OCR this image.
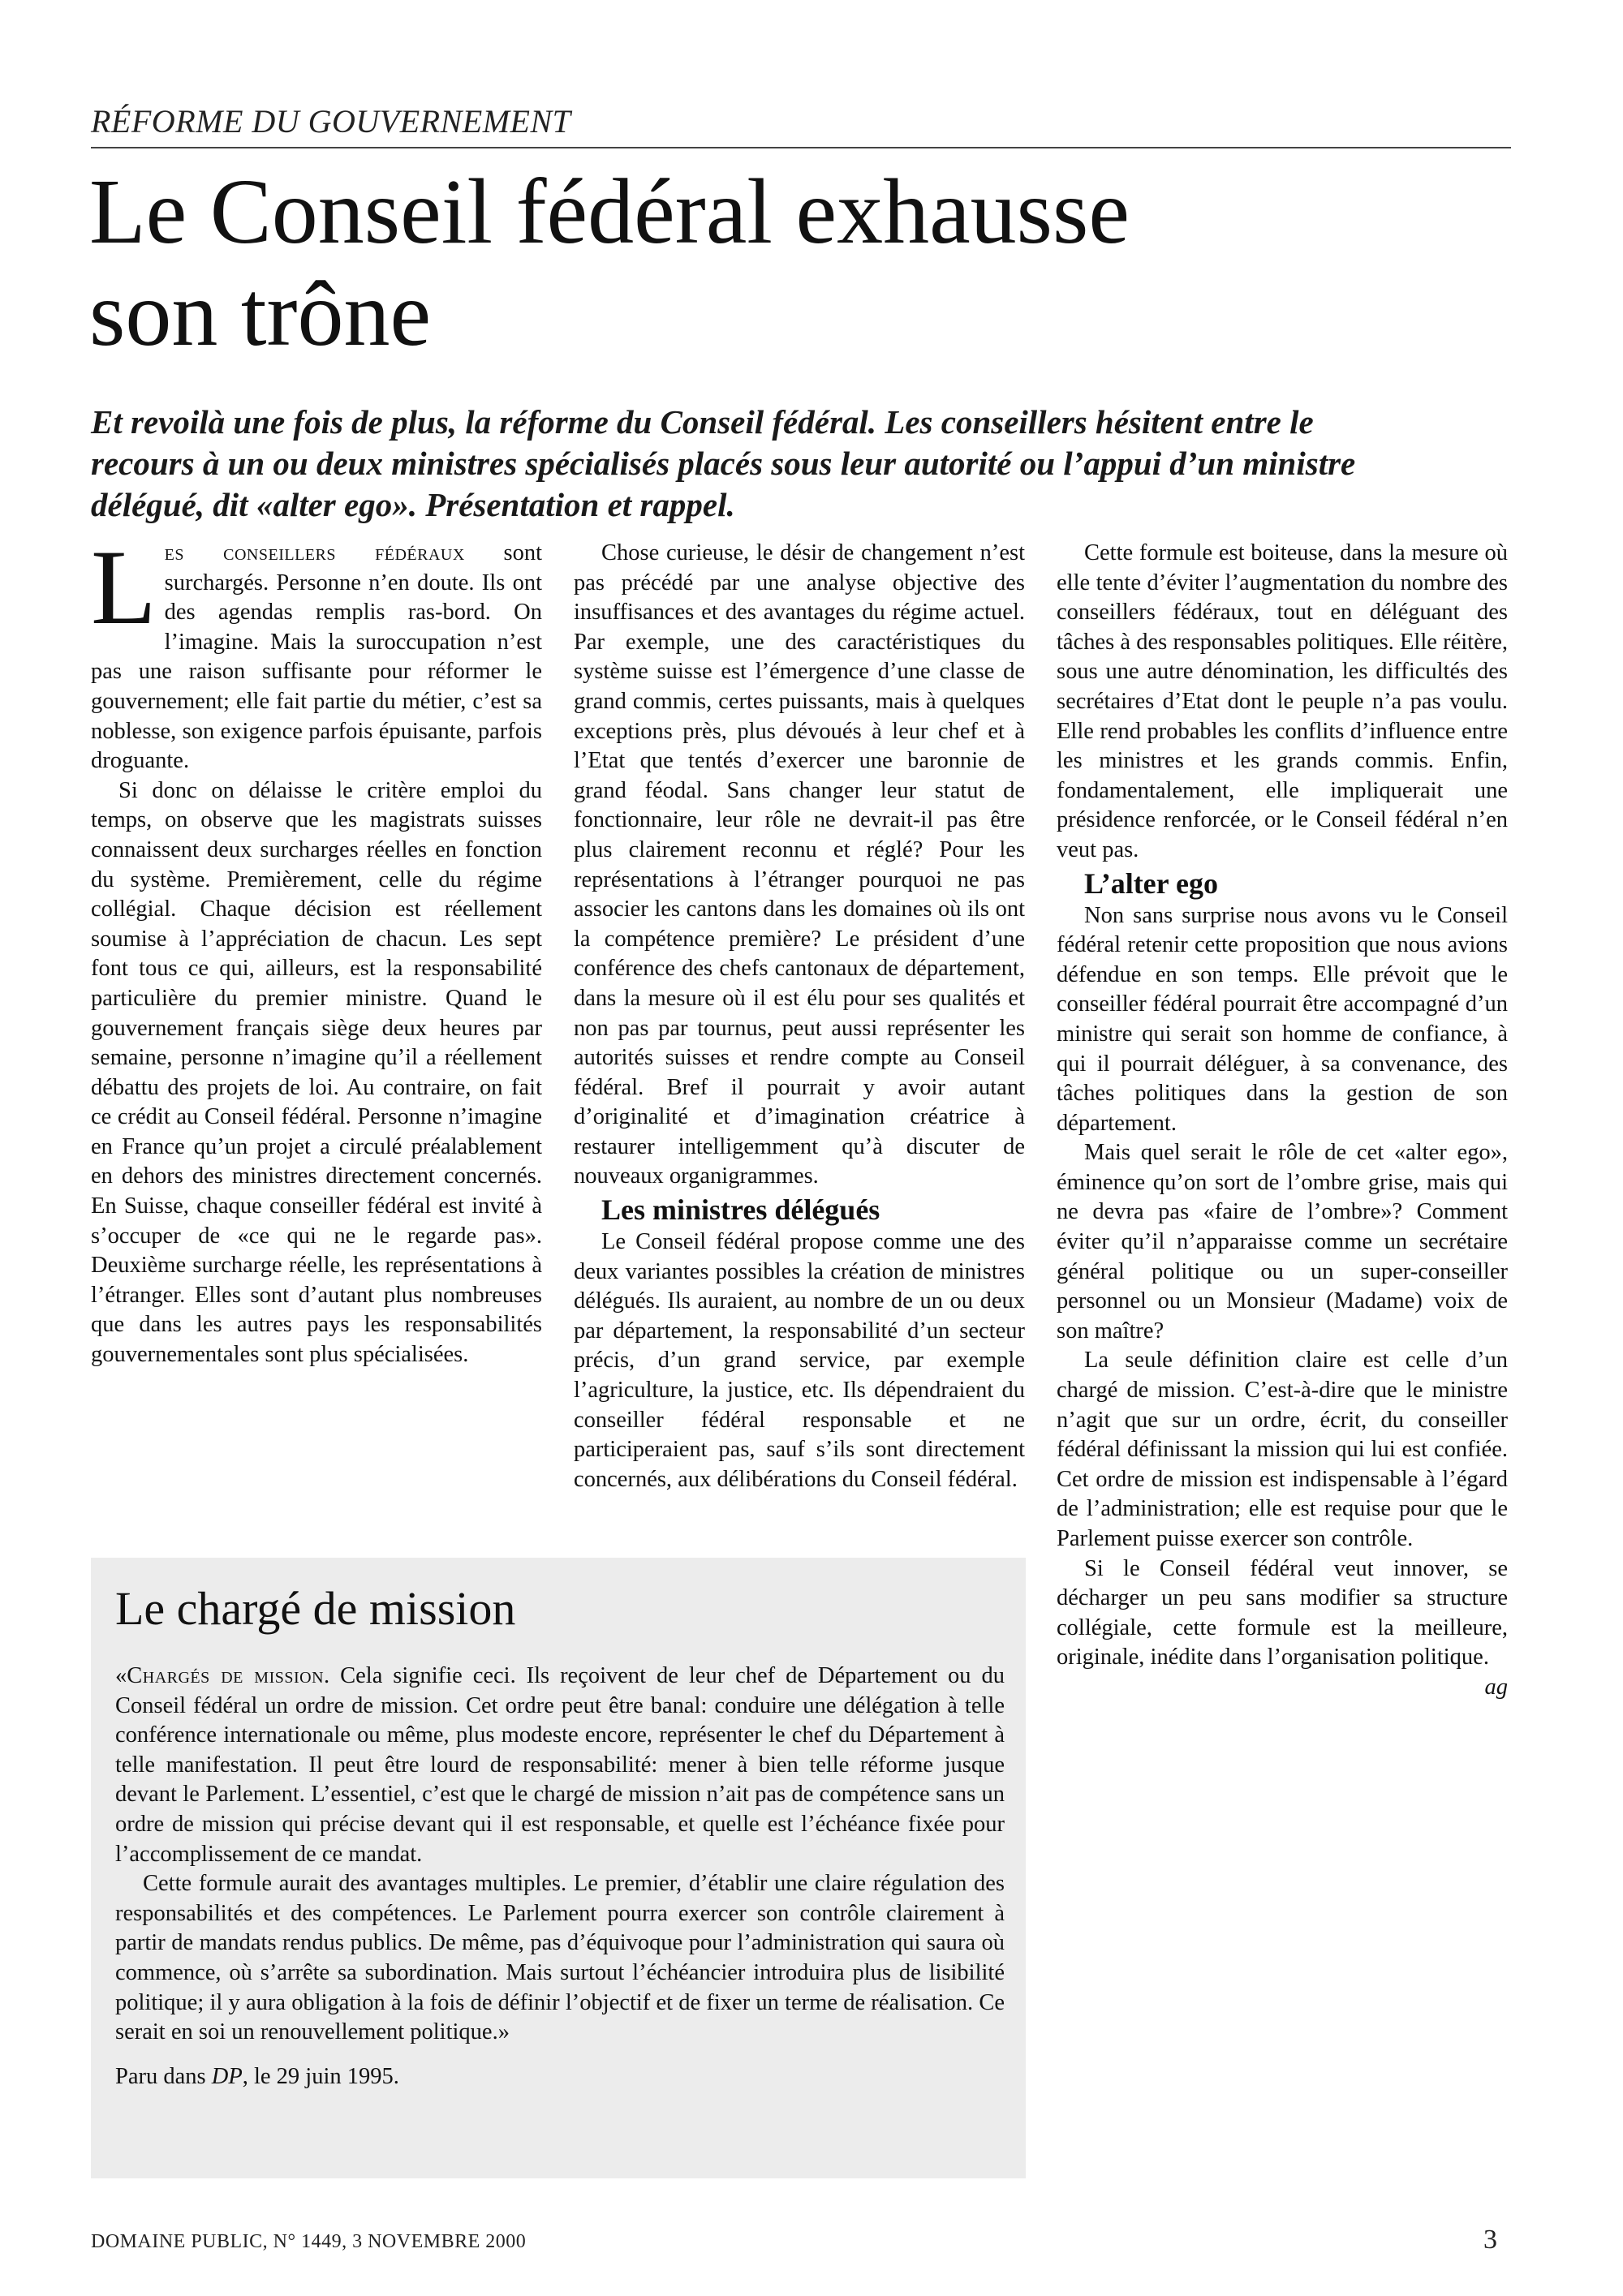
RÉFORME DU GOUVERNEMENT
Le Conseil fédéral exhausse
son trône
Et revoilà une fois de plus, la réforme du Conseil fédéral. Les conseillers hésitent entre le recours à un ou deux ministres spécialisés placés sous leur autorité ou l’appui d’un ministre délégué, dit «alter ego». Présentation et rappel.

Les conseillers fédéraux sont surchargés. Personne n’en doute. Ils ont des agendas remplis ras-bord. On l’imagine. Mais la suroccupation n’est pas une raison suffisante pour réformer le gouvernement; elle fait partie du métier, c’est sa noblesse, son exigence parfois épuisante, parfois droguante.

Si donc on délaisse le critère emploi du temps, on observe que les magistrats suisses connaissent deux surcharges réelles en fonction du système. Premièrement, celle du régime collégial. Chaque décision est réellement soumise à l’appréciation de chacun. Les sept font tous ce qui, ailleurs, est la responsabilité particulière du premier ministre. Quand le gouvernement français siège deux heures par semaine, personne n’imagine qu’il a réellement débattu des projets de loi. Au contraire, on fait ce crédit au Conseil fédéral. Personne n’imagine en France qu’un projet a circulé préalablement en dehors des ministres directement concernés. En Suisse, chaque conseiller fédéral est invité à s’occuper de «ce qui ne le regarde pas». Deuxième surcharge réelle, les représentations à l’étranger. Elles sont d’autant plus nombreuses que dans les autres pays les responsabilités gouvernementales sont plus spécialisées.

Chose curieuse, le désir de changement n’est pas précédé par une analyse objective des insuffisances et des avantages du régime actuel. Par exemple, une des caractéristiques du système suisse est l’émergence d’une classe de grand commis, certes puissants, mais à quelques exceptions près, plus dévoués à leur chef et à l’Etat que tentés d’exercer une baronnie de grand féodal. Sans changer leur statut de fonctionnaire, leur rôle ne devrait-il pas être plus clairement reconnu et réglé? Pour les représentations à l’étranger pourquoi ne pas associer les cantons dans les domaines où ils ont la compétence première? Le président d’une conférence des chefs cantonaux de département, dans la mesure où il est élu pour ses qualités et non pas par tournus, peut aussi représenter les autorités suisses et rendre compte au Conseil fédéral. Bref il pourrait y avoir autant d’originalité et d’imagination créatrice à restaurer intelligemment qu’à discuter de nouveaux organigrammes.

Les ministres délégués

Le Conseil fédéral propose comme une des deux variantes possibles la création de ministres délégués. Ils auraient, au nombre de un ou deux par département, la responsabilité d’un secteur précis, d’un grand service, par exemple l’agriculture, la justice, etc. Ils dépendraient du conseiller fédéral responsable et ne participeraient pas, sauf s’ils sont directement concernés, aux délibérations du Conseil fédéral.

Cette formule est boiteuse, dans la mesure où elle tente d’éviter l’augmentation du nombre des conseillers fédéraux, tout en déléguant des tâches à des responsables politiques. Elle réitère, sous une autre dénomination, les difficultés des secrétaires d’Etat dont le peuple n’a pas voulu. Elle rend probables les conflits d’influence entre les ministres et les grands commis. Enfin, fondamentalement, elle impliquerait une présidence renforcée, or le Conseil fédéral n’en veut pas.

L’alter ego

Non sans surprise nous avons vu le Conseil fédéral retenir cette proposition que nous avions défendue en son temps. Elle prévoit que le conseiller fédéral pourrait être accompagné d’un ministre qui serait son homme de confiance, à qui il pourrait déléguer, à sa convenance, des tâches politiques dans la gestion de son département.

Mais quel serait le rôle de cet «alter ego», éminence qu’on sort de l’ombre grise, mais qui ne devra pas «faire de l’ombre»? Comment éviter qu’il n’apparaisse comme un secrétaire général politique ou un super-conseiller personnel ou un Monsieur (Madame) voix de son maître?

La seule définition claire est celle d’un chargé de mission. C’est-à-dire que le ministre n’agit que sur un ordre, écrit, du conseiller fédéral définissant la mission qui lui est confiée. Cet ordre de mission est indispensable à l’égard de l’administration; elle est requise pour que le Parlement puisse exercer son contrôle.

Si le Conseil fédéral veut innover, se décharger un peu sans modifier sa structure collégiale, cette formule est la meilleure, originale, inédite dans l’organisation politique.
ag

Le chargé de mission

«Chargés de mission. Cela signifie ceci. Ils reçoivent de leur chef de Département ou du Conseil fédéral un ordre de mission. Cet ordre peut être banal: conduire une délégation à telle conférence internationale ou même, plus modeste encore, représenter le chef du Département à telle manifestation. Il peut être lourd de responsabilité: mener à bien telle réforme jusque devant le Parlement. L’essentiel, c’est que le chargé de mission n’ait pas de compétence sans un ordre de mission qui précise devant qui il est responsable, et quelle est l’échéance fixée pour l’accomplissement de ce mandat.

Cette formule aurait des avantages multiples. Le premier, d’établir une claire régulation des responsabilités et des compétences. Le Parlement pourra exercer son contrôle clairement à partir de mandats rendus publics. De même, pas d’équivoque pour l’administration qui saura où commence, où s’arrête sa subordination. Mais surtout l’échéancier introduira plus de lisibilité politique; il y aura obligation à la fois de définir l’objectif et de fixer un terme de réalisation. Ce serait en soi un renouvellement politique.»

Paru dans DP, le 29 juin 1995.

DOMAINE PUBLIC, N° 1449, 3 NOVEMBRE 2000	3
